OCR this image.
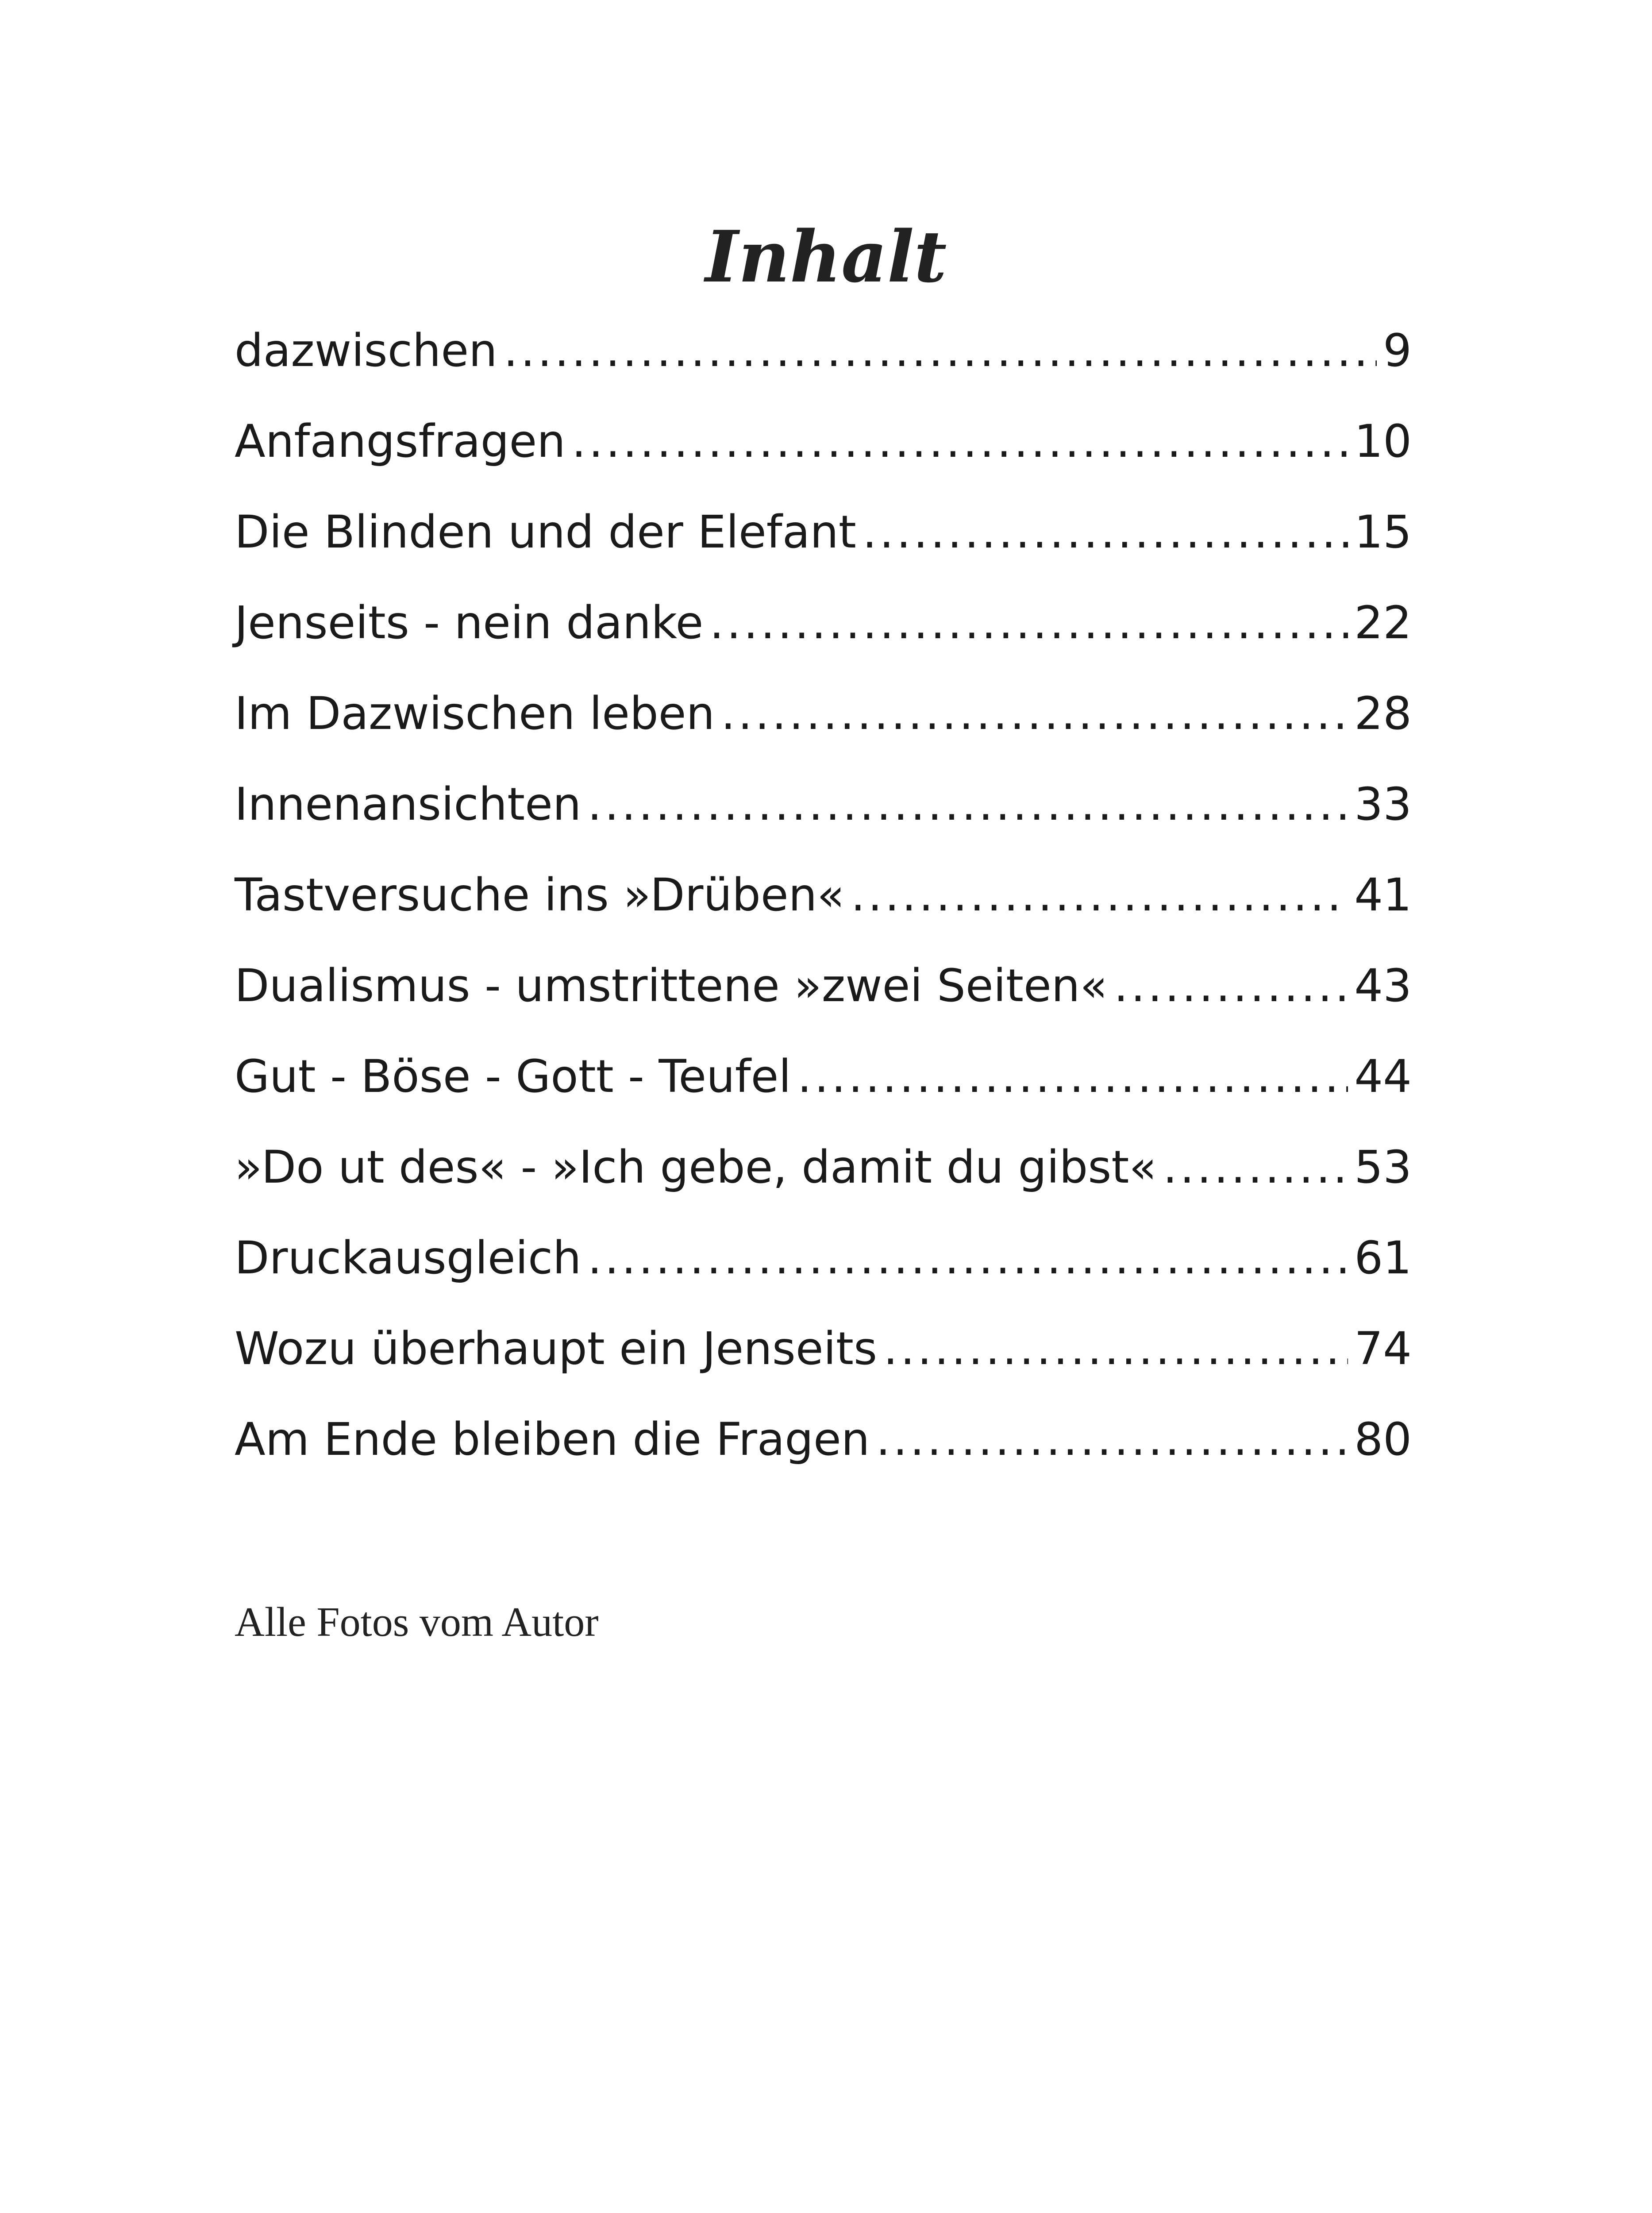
Inhalt
dazwischen .....	9
Anfangsfragen .....	10
Die Blinden und der Elefant .....	15
Jenseits - nein danke .....	22
Im Dazwischen leben .....	28
Innenansichten .....	33
Tastversuche ins »Drüben« .....	41
Dualismus - umstrittene »zwei Seiten« .....	43
Gut - Böse - Gott - Teufel .....	44
»Do ut des« - »Ich gebe, damit du gibst« .....	53
Druckausgleich .....	61
Wozu überhaupt ein Jenseits .....	74
Am Ende bleiben die Fragen .....	80

Alle Fotos vom Autor
